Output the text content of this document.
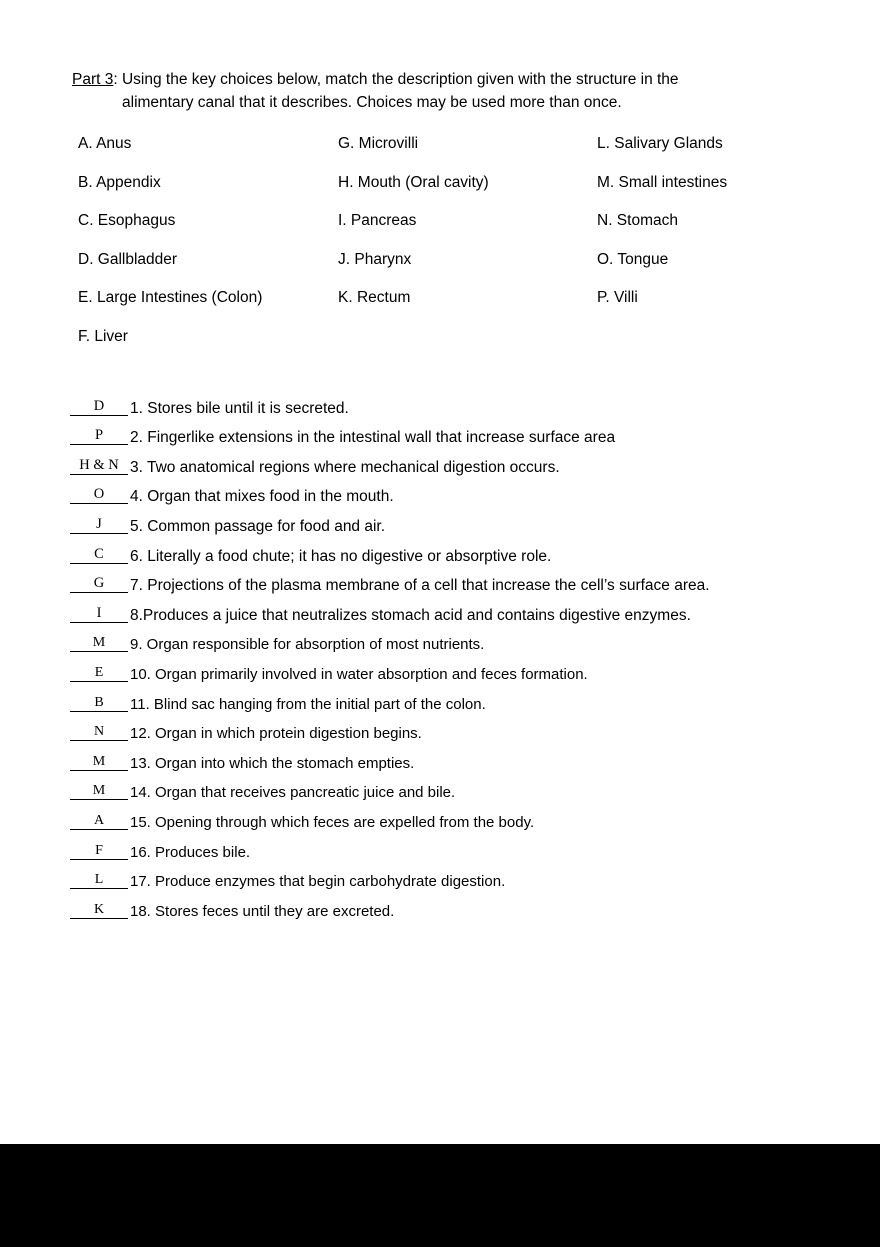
Part 3: Using the key choices below, match the description given with the structure in the
alimentary canal that it describes. Choices may be used more than once.
A. Anus	G. Microvilli	L. Salivary Glands
B. Appendix	H. Mouth (Oral cavity)	M. Small intestines
C. Esophagus	I. Pancreas	N. Stomach
D. Gallbladder	J. Pharynx	O. Tongue
E. Large Intestines (Colon)	K. Rectum	P. Villi
F. Liver
D	1. Stores bile until it is secreted.
P	2. Fingerlike extensions in the intestinal wall that increase surface area
H & N 3. Two anatomical regions where mechanical digestion occurs.
O	4. Organ that mixes food in the mouth.
J	5. Common passage for food and air.
C	6. Literally a food chute; it has no digestive or absorptive role.
G	7. Projections of the plasma membrane of a cell that increase the cell’s surface area.
I	8.Produces a juice that neutralizes stomach acid and contains digestive enzymes.
M	9. Organ responsible for absorption of most nutrients.
E	10. Organ primarily involved in water absorption and feces formation.
B	11. Blind sac hanging from the initial part of the colon.
N	12. Organ in which protein digestion begins.
M	13. Organ into which the stomach empties.
M	14. Organ that receives pancreatic juice and bile.
A	15. Opening through which feces are expelled from the body.
F	16. Produces bile.
L	17. Produce enzymes that begin carbohydrate digestion.
K	18. Stores feces until they are excreted.
